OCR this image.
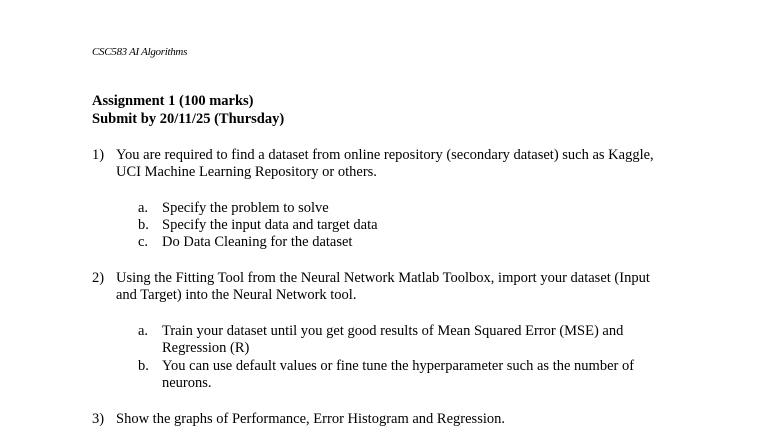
CSC583 AI Algorithms
Assignment 1 (100 marks)
Submit by 20/11/25 (Thursday)
1) You are required to find a dataset from online repository (secondary dataset) such as Kaggle,
UCI Machine Learning Repository or others.
a. Specify the problem to solve
b. Specify the input data and target data
c. Do Data Cleaning for the dataset
2) Using the Fitting Tool from the Neural Network Matlab Toolbox, import your dataset (Input
and Target) into the Neural Network tool.
a. Train your dataset until you get good results of Mean Squared Error (MSE) and
Regression (R)
b. You can use default values or fine tune the hyperparameter such as the number of
neurons.
3) Show the graphs of Performance, Error Histogram and Regression.
